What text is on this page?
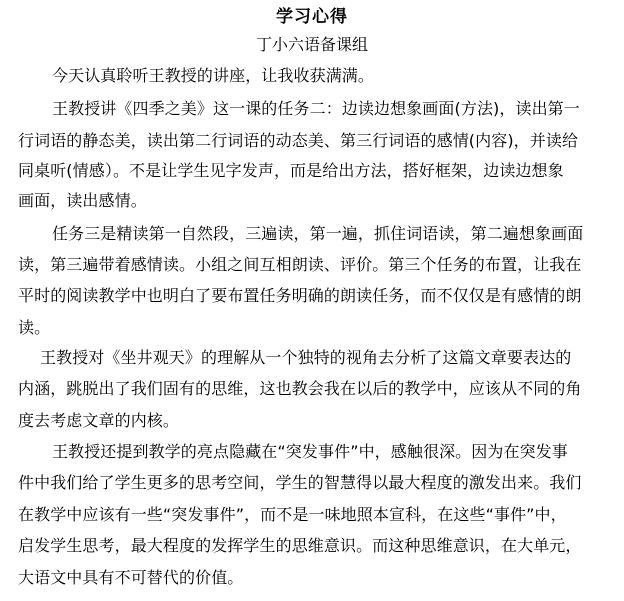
学习心得
丁小六语备课组
今天认真聆听王教授的讲座，让我收获满满。
王教授讲《四季之美》这一课的任务二：边读边想象画面(方法)，读出第一
行词语的静态美，读出第二行词语的动态美、第三行词语的感情(内容)，并读给
同桌听(情感）。不是让学生见字发声，而是给出方法，搭好框架，边读边想象
画面，读出感情。
任务三是精读第一自然段，三遍读，第一遍，抓住词语读，第二遍想象画面
读，第三遍带着感情读。小组之间互相朗读、评价。第三个任务的布置，让我在
平时的阅读教学中也明白了要布置任务明确的朗读任务，而不仅仅是有感情的朗
读。
王教授对《坐井观天》的理解从一个独特的视角去分析了这篇文章要表达的
内涵，跳脱出了我们固有的思维，这也教会我在以后的教学中，应该从不同的角
度去考虑文章的内核。
王教授还提到教学的亮点隐藏在“突发事件”中，感触很深。因为在突发事
件中我们给了学生更多的思考空间，学生的智慧得以最大程度的激发出来。我们
在教学中应该有一些“突发事件”，而不是一味地照本宣科，在这些“事件”中，
启发学生思考，最大程度的发挥学生的思维意识。而这种思维意识，在大单元，
大语文中具有不可替代的价值。
